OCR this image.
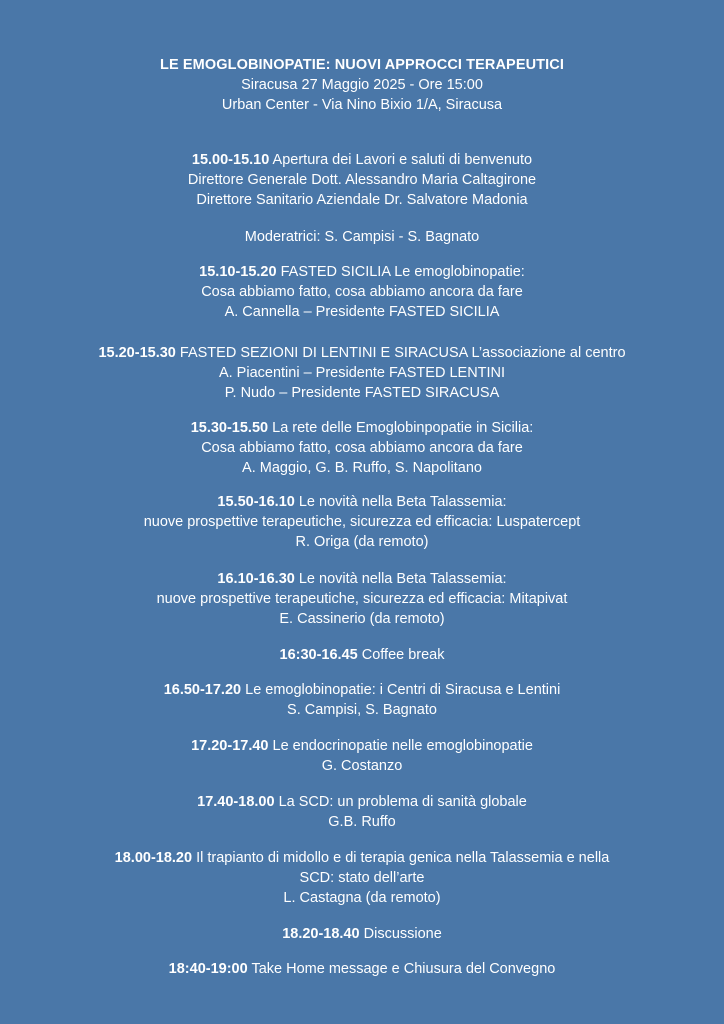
LE EMOGLOBINOPATIE: NUOVI APPROCCI TERAPEUTICI
Siracusa 27 Maggio 2025 - Ore 15:00
Urban Center - Via Nino Bixio 1/A, Siracusa
15.00-15.10 Apertura dei Lavori e saluti di benvenuto
Direttore Generale Dott. Alessandro Maria Caltagirone
Direttore Sanitario Aziendale Dr. Salvatore Madonia
Moderatrici: S. Campisi - S. Bagnato
15.10-15.20 FASTED SICILIA Le emoglobinopatie:
Cosa abbiamo fatto, cosa abbiamo ancora da fare
A. Cannella – Presidente FASTED SICILIA
15.20-15.30 FASTED SEZIONI DI LENTINI E SIRACUSA L’associazione al centro
A. Piacentini – Presidente FASTED LENTINI
P. Nudo – Presidente FASTED SIRACUSA
15.30-15.50 La rete delle Emoglobinpopatie in Sicilia:
Cosa abbiamo fatto, cosa abbiamo ancora da fare
A. Maggio, G. B. Ruffo, S. Napolitano
15.50-16.10 Le novità nella Beta Talassemia:
nuove prospettive terapeutiche, sicurezza ed efficacia: Luspatercept
R. Origa (da remoto)
16.10-16.30 Le novità nella Beta Talassemia:
nuove prospettive terapeutiche, sicurezza ed efficacia: Mitapivat
E. Cassinerio (da remoto)
16:30-16.45 Coffee break
16.50-17.20 Le emoglobinopatie: i Centri di Siracusa e Lentini
S. Campisi, S. Bagnato
17.20-17.40 Le endocrinopatie nelle emoglobinopatie
G. Costanzo
17.40-18.00 La SCD: un problema di sanità globale
G.B. Ruffo
18.00-18.20 Il trapianto di midollo e di terapia genica nella Talassemia e nella
SCD: stato dell’arte
L. Castagna (da remoto)
18.20-18.40 Discussione
18:40-19:00 Take Home message e Chiusura del Convegno
